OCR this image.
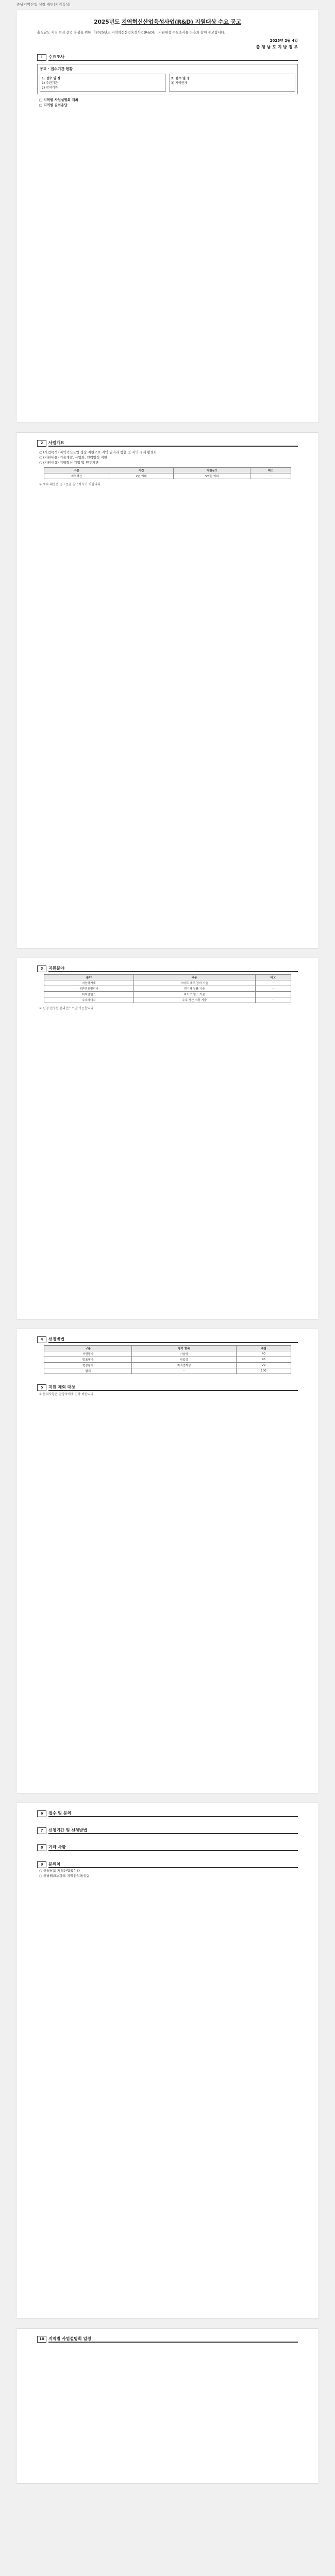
충남지역산업 성장 재단(지역특성)
2025년도 지역혁신산업육성사업(R&D) 지원대상 수요 공고
충청남도 지역 혁신 산업 육성을 위한 「2025년도 지역혁신산업육성사업(R&D)」 지원대상 수요조사를 다음과 같이 공고합니다.
2025년 2월 4일
충 청 남 도 지 방 정 부
1	수요조사
공고 · 접수기간 현황
1. 접수 일 정
1) 주관기관
2) 참여기관
2. 접수 일 정
3) 지역연계
□ 지역별 사업설명회 개최
□ 지역별 질의응답
2	사업개요
○ (사업목적) 지역혁신산업 성장 지원으로 지역 일자리 창출 및 지역 경제 활성화
○ (지원내용) 기술개발, 사업화, 인력양성 지원
○ (지원대상) 지역혁신 기업 및 연구기관
구분	기간	지원규모	비고
지역혁신	2년 이내	5억원 이내	-
※ 세부 내용은 공고문을 참조하시기 바랍니다.
3	지원분야
분야	내용	비고
지능형기계	스마트 제조 장비 기술	-
친환경모빌리티	전기차 부품 기술	-
디지털헬스	바이오 헬스 기술	-
수소에너지	수소 생산 저장 기술	-
※ 신청 접수는 온라인으로만 가능합니다.
4	선정방법
구분	평가 항목	배점
서면평가	기술성	40
발표평가	사업성	40
현장평가	지역연계성	20
합계	-	100
5	지원 제외 대상
※ 문의사항은 담당자에게 연락 바랍니다.
6	접수 및 문의
7	신청기간 및 신청방법
8	기타 사항
9	문의처
○ 충청남도 지역산업육성과
○ 충남테크노파크 지역산업육성팀
10	지역별 사업설명회 일정
